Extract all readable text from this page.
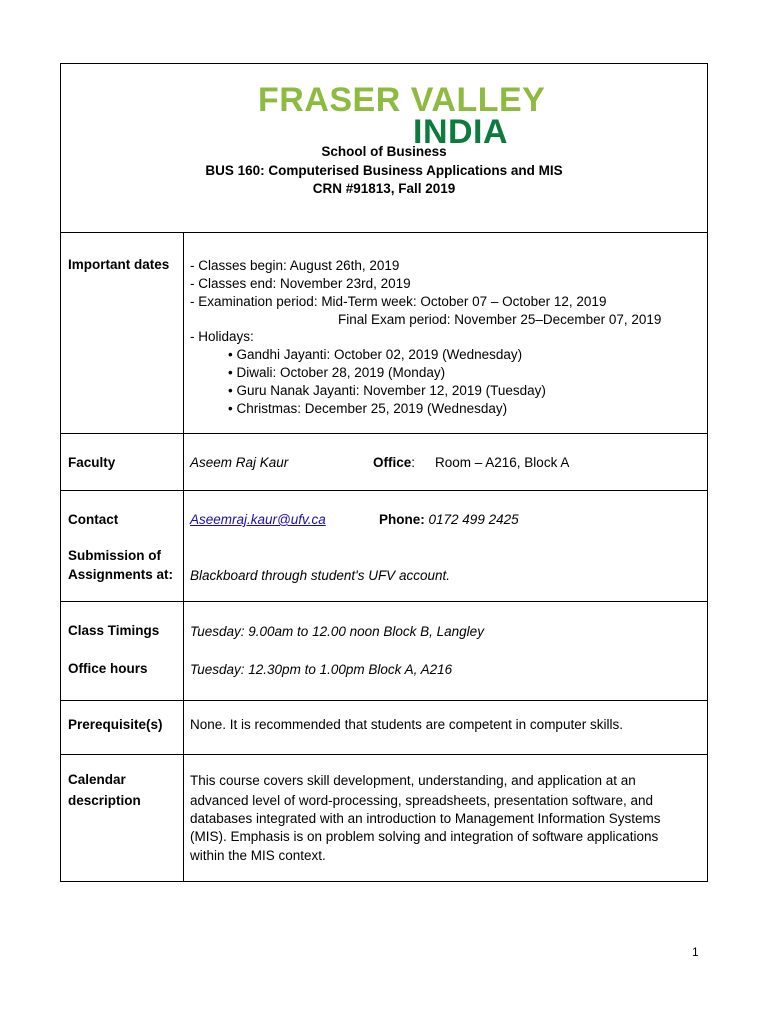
FRASER VALLEY
INDIA
School of Business
BUS 160: Computerised Business Applications and MIS
CRN #91813, Fall 2019
Important dates - Classes begin: August 26th, 2019
- Classes end: November 23rd, 2019
- Examination period: Mid-Term week: October 07 – October 12, 2019
Final Exam period: November 25–December 07, 2019
- Holidays:
• Gandhi Jayanti: October 02, 2019 (Wednesday)
• Diwali: October 28, 2019 (Monday)
• Guru Nanak Jayanti: November 12, 2019 (Tuesday)
• Christmas: December 25, 2019 (Wednesday)
Faculty	Aseem Raj Kaur	Office: Room – A216, Block A
Contact	Aseemraj.kaur@ufv.ca	Phone: 0172 499 2425
Submission of
Assignments at: Blackboard through student's UFV account.
Class Timings Tuesday: 9.00am to 12.00 noon Block B, Langley
Office hours	Tuesday: 12.30pm to 1.00pm Block A, A216
Prerequisite(s) None. It is recommended that students are competent in computer skills.
Calendar
description
This course covers skill development, understanding, and application at an
advanced level of word-processing, spreadsheets, presentation software, and
databases integrated with an introduction to Management Information Systems
(MIS). Emphasis is on problem solving and integration of software applications
within the MIS context.
1
